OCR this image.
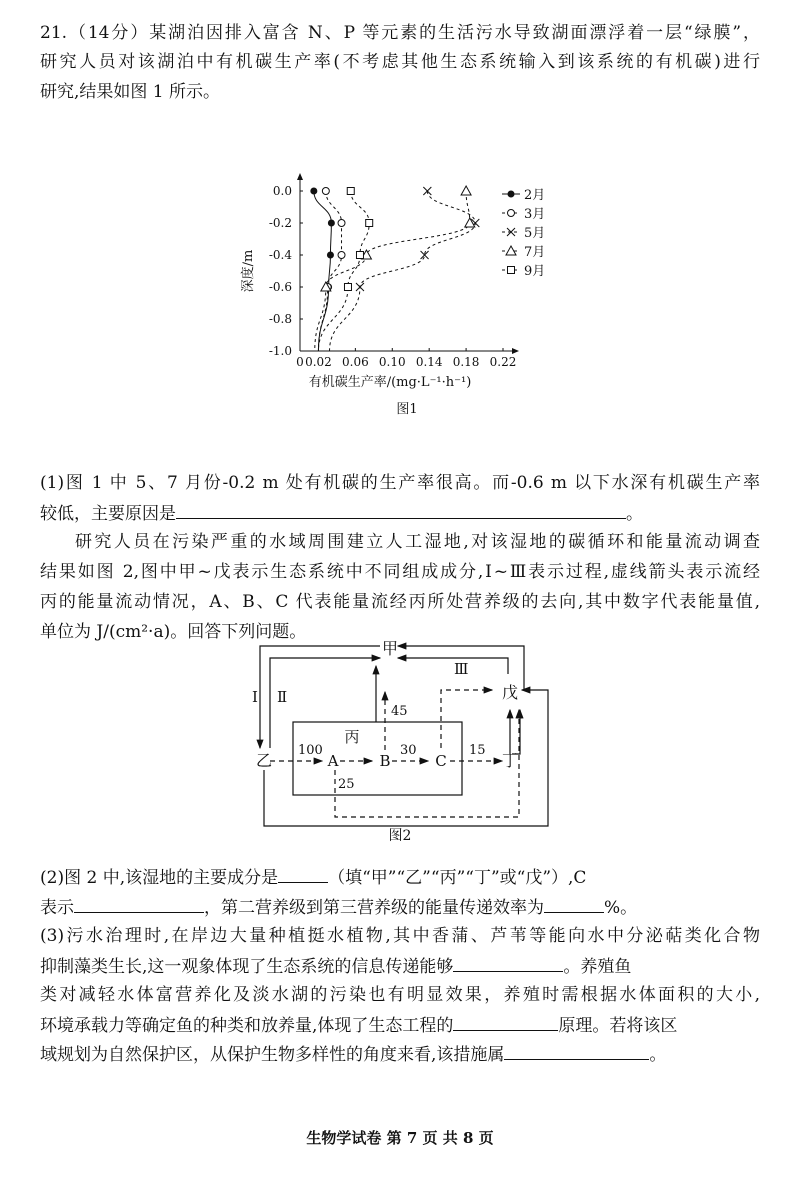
21.（14分）某湖泊因排入富含 N、P 等元素的生活污水导致湖面漂浮着一层“绿膜”，
研究人员对该湖泊中有机碳生产率(不考虑其他生态系统输入到该系统的有机碳)进行
研究,结果如图 1 所示。
0 0.02 0.06 0.10 0.14 0.18 0.22
0.0
-0.2
-0.4
-0.6
-0.8
-1.0
有机碳生产率/(mg·L⁻¹·h⁻¹)
深度/m
图1
2月
3月
5月
7月
9月
(1)图 1 中 5、7 月份-0.2 m 处有机碳的生产率很高。而-0.6 m 以下水深有机碳生产率
较低，主要原因是	。
研究人员在污染严重的水域周围建立人工湿地,对该湿地的碳循环和能量流动调查
结果如图 2,图中甲~戊表示生态系统中不同组成成分,Ⅰ~Ⅲ表示过程,虚线箭头表示流经
丙的能量流动情况，A、B、C 代表能量流经丙所处营养级的去向,其中数字代表能量值,
单位为 J/(cm²·a)。回答下列问题。
甲
乙
丙
丁
戊
A	B	C
Ⅰ Ⅱ
Ⅲ
100
25
45
30	15
图2
(2)图 2 中,该湿地的主要成分是	（填“甲”“乙”“丙”“丁”或“戊”）,C
表示	，第二营养级到第三营养级的能量传递效率为	%。
(3)污水治理时,在岸边大量种植挺水植物,其中香蒲、芦苇等能向水中分泌萜类化合物
抑制藻类生长,这一观象体现了生态系统的信息传递能够	。养殖鱼
类对减轻水体富营养化及淡水湖的污染也有明显效果，养殖时需根据水体面积的大小,
环境承载力等确定鱼的种类和放养量,体现了生态工程的	原理。若将该区
域规划为自然保护区，从保护生物多样性的角度来看,该措施属	。
生物学试卷 第 7 页 共 8 页
